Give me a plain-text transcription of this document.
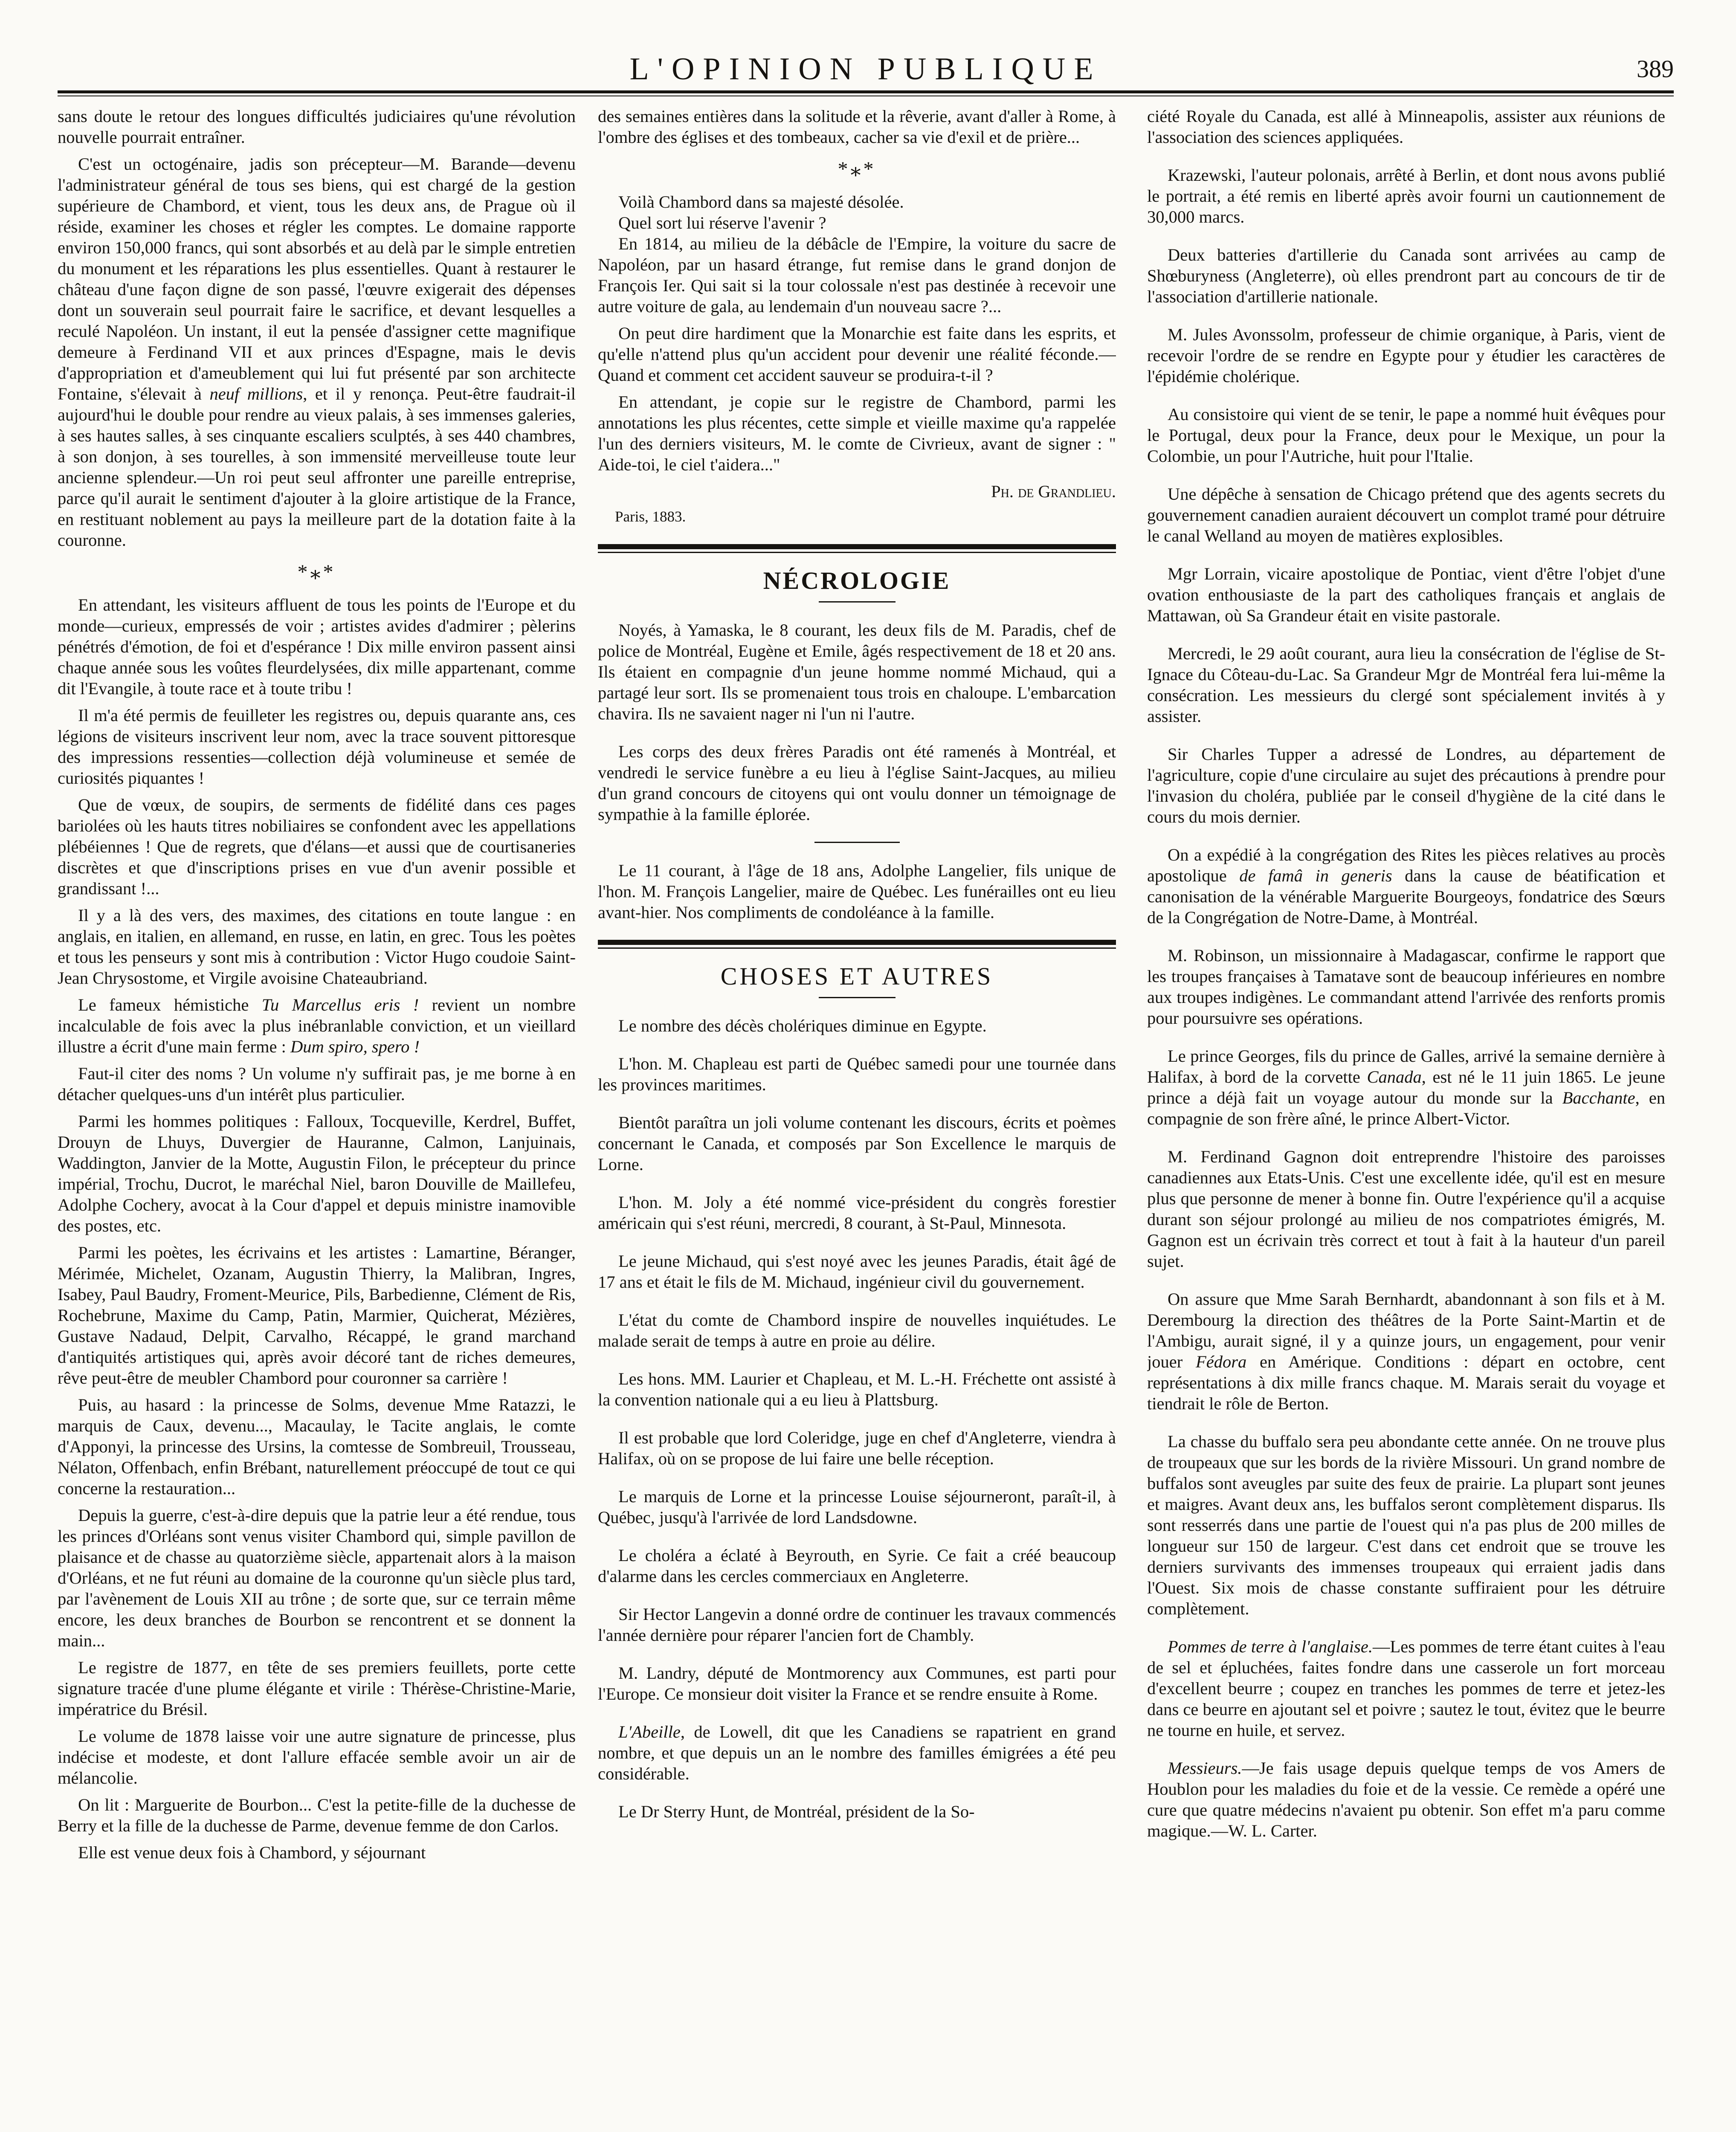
L'OPINION PUBLIQUE	389

sans doute le retour des longues difficultés judiciaires qu'une révolution nouvelle pourrait entraîner.

C'est un octogénaire, jadis son précepteur—M. Barande—devenu l'administrateur général de tous ses biens, qui est chargé de la gestion supérieure de Chambord, et vient, tous les deux ans, de Prague où il réside, examiner les choses et régler les comptes. Le domaine rapporte environ 150,000 francs, qui sont absorbés et au delà par le simple entretien du monument et les réparations les plus essentielles. Quant à restaurer le château d'une façon digne de son passé, l'œuvre exigerait des dépenses dont un souverain seul pourrait faire le sacrifice, et devant lesquelles a reculé Napoléon. Un instant, il eut la pensée d'assigner cette magnifique demeure à Ferdinand VII et aux princes d'Espagne, mais le devis d'appropriation et d'ameublement qui lui fut présenté par son architecte Fontaine, s'élevait à neuf millions, et il y renonça. Peut-être faudrait-il aujourd'hui le double pour rendre au vieux palais, à ses immenses galeries, à ses hautes salles, à ses cinquante escaliers sculptés, à ses 440 chambres, à son donjon, à ses tourelles, à son immensité merveilleuse toute leur ancienne splendeur.—Un roi peut seul affronter une pareille entreprise, parce qu'il aurait le sentiment d'ajouter à la gloire artistique de la France, en restituant noblement au pays la meilleure part de la dotation faite à la couronne.

*⁎*

En attendant, les visiteurs affluent de tous les points de l'Europe et du monde—curieux, empressés de voir ; artistes avides d'admirer ; pèlerins pénétrés d'émotion, de foi et d'espérance ! Dix mille environ passent ainsi chaque année sous les voûtes fleurdelysées, dix mille appartenant, comme dit l'Evangile, à toute race et à toute tribu !

Il m'a été permis de feuilleter les registres ou, depuis quarante ans, ces légions de visiteurs inscrivent leur nom, avec la trace souvent pittoresque des impressions ressenties—collection déjà volumineuse et semée de curiosités piquantes !

Que de vœux, de soupirs, de serments de fidélité dans ces pages bariolées où les hauts titres nobiliaires se confondent avec les appellations plébéiennes ! Que de regrets, que d'élans—et aussi que de courtisaneries discrètes et que d'inscriptions prises en vue d'un avenir possible et grandissant !...

Il y a là des vers, des maximes, des citations en toute langue : en anglais, en italien, en allemand, en russe, en latin, en grec. Tous les poètes et tous les penseurs y sont mis à contribution : Victor Hugo coudoie Saint-Jean Chrysostome, et Virgile avoisine Chateaubriand.

Le fameux hémistiche Tu Marcellus eris ! revient un nombre incalculable de fois avec la plus inébranlable conviction, et un vieillard illustre a écrit d'une main ferme : Dum spiro, spero !

Faut-il citer des noms ? Un volume n'y suffirait pas, je me borne à en détacher quelques-uns d'un intérêt plus particulier.

Parmi les hommes politiques : Falloux, Tocqueville, Kerdrel, Buffet, Drouyn de Lhuys, Duvergier de Hauranne, Calmon, Lanjuinais, Waddington, Janvier de la Motte, Augustin Filon, le précepteur du prince impérial, Trochu, Ducrot, le maréchal Niel, baron Douville de Maillefeu, Adolphe Cochery, avocat à la Cour d'appel et depuis ministre inamovible des postes, etc.

Parmi les poètes, les écrivains et les artistes : Lamartine, Béranger, Mérimée, Michelet, Ozanam, Augustin Thierry, la Malibran, Ingres, Isabey, Paul Baudry, Froment-Meurice, Pils, Barbedienne, Clément de Ris, Rochebrune, Maxime du Camp, Patin, Marmier, Quicherat, Mézières, Gustave Nadaud, Delpit, Carvalho, Récappé, le grand marchand d'antiquités artistiques qui, après avoir décoré tant de riches demeures, rêve peut-être de meubler Chambord pour couronner sa carrière !

Puis, au hasard : la princesse de Solms, devenue Mme Ratazzi, le marquis de Caux, devenu..., Macaulay, le Tacite anglais, le comte d'Apponyi, la princesse des Ursins, la comtesse de Sombreuil, Trousseau, Nélaton, Offenbach, enfin Brébant, naturellement préoccupé de tout ce qui concerne la restauration...

Depuis la guerre, c'est-à-dire depuis que la patrie leur a été rendue, tous les princes d'Orléans sont venus visiter Chambord qui, simple pavillon de plaisance et de chasse au quatorzième siècle, appartenait alors à la maison d'Orléans, et ne fut réuni au domaine de la couronne qu'un siècle plus tard, par l'avènement de Louis XII au trône ; de sorte que, sur ce terrain même encore, les deux branches de Bourbon se rencontrent et se donnent la main...

Le registre de 1877, en tête de ses premiers feuillets, porte cette signature tracée d'une plume élégante et virile : Thérèse-Christine-Marie, impératrice du Brésil.

Le volume de 1878 laisse voir une autre signature de princesse, plus indécise et modeste, et dont l'allure effacée semble avoir un air de mélancolie.

On lit : Marguerite de Bourbon... C'est la petite-fille de la duchesse de Berry et la fille de la duchesse de Parme, devenue femme de don Carlos.

Elle est venue deux fois à Chambord, y séjournant

des semaines entières dans la solitude et la rêverie, avant d'aller à Rome, à l'ombre des églises et des tombeaux, cacher sa vie d'exil et de prière...

*⁎*

Voilà Chambord dans sa majesté désolée.

Quel sort lui réserve l'avenir ?

En 1814, au milieu de la débâcle de l'Empire, la voiture du sacre de Napoléon, par un hasard étrange, fut remise dans le grand donjon de François Ier. Qui sait si la tour colossale n'est pas destinée à recevoir une autre voiture de gala, au lendemain d'un nouveau sacre ?...

On peut dire hardiment que la Monarchie est faite dans les esprits, et qu'elle n'attend plus qu'un accident pour devenir une réalité féconde.—Quand et comment cet accident sauveur se produira-t-il ?

En attendant, je copie sur le registre de Chambord, parmi les annotations les plus récentes, cette simple et vieille maxime qu'a rappelée l'un des derniers visiteurs, M. le comte de Civrieux, avant de signer : " Aide-toi, le ciel t'aidera..."

Ph. de Grandlieu.
Paris, 1883.
NÉCROLOGIE

Noyés, à Yamaska, le 8 courant, les deux fils de M. Paradis, chef de police de Montréal, Eugène et Emile, âgés respectivement de 18 et 20 ans. Ils étaient en compagnie d'un jeune homme nommé Michaud, qui a partagé leur sort. Ils se promenaient tous trois en chaloupe. L'embarcation chavira. Ils ne savaient nager ni l'un ni l'autre.

Les corps des deux frères Paradis ont été ramenés à Montréal, et vendredi le service funèbre a eu lieu à l'église Saint-Jacques, au milieu d'un grand concours de citoyens qui ont voulu donner un témoignage de sympathie à la famille éplorée.

Le 11 courant, à l'âge de 18 ans, Adolphe Langelier, fils unique de l'hon. M. François Langelier, maire de Québec. Les funérailles ont eu lieu avant-hier. Nos compliments de condoléance à la famille.

CHOSES ET AUTRES

Le nombre des décès cholériques diminue en Egypte.

L'hon. M. Chapleau est parti de Québec samedi pour une tournée dans les provinces maritimes.

Bientôt paraîtra un joli volume contenant les discours, écrits et poèmes concernant le Canada, et composés par Son Excellence le marquis de Lorne.

L'hon. M. Joly a été nommé vice-président du congrès forestier américain qui s'est réuni, mercredi, 8 courant, à St-Paul, Minnesota.

Le jeune Michaud, qui s'est noyé avec les jeunes Paradis, était âgé de 17 ans et était le fils de M. Michaud, ingénieur civil du gouvernement.

L'état du comte de Chambord inspire de nouvelles inquiétudes. Le malade serait de temps à autre en proie au délire.

Les hons. MM. Laurier et Chapleau, et M. L.-H. Fréchette ont assisté à la convention nationale qui a eu lieu à Plattsburg.

Il est probable que lord Coleridge, juge en chef d'Angleterre, viendra à Halifax, où on se propose de lui faire une belle réception.

Le marquis de Lorne et la princesse Louise séjourneront, paraît-il, à Québec, jusqu'à l'arrivée de lord Landsdowne.

Le choléra a éclaté à Beyrouth, en Syrie. Ce fait a créé beaucoup d'alarme dans les cercles commerciaux en Angleterre.

Sir Hector Langevin a donné ordre de continuer les travaux commencés l'année dernière pour réparer l'ancien fort de Chambly.

M. Landry, député de Montmorency aux Communes, est parti pour l'Europe. Ce monsieur doit visiter la France et se rendre ensuite à Rome.

L'Abeille, de Lowell, dit que les Canadiens se rapatrient en grand nombre, et que depuis un an le nombre des familles émigrées a été peu considérable.

Le Dr Sterry Hunt, de Montréal, président de la So-

ciété Royale du Canada, est allé à Minneapolis, assister aux réunions de l'association des sciences appliquées.

Krazewski, l'auteur polonais, arrêté à Berlin, et dont nous avons publié le portrait, a été remis en liberté après avoir fourni un cautionnement de 30,000 marcs.

Deux batteries d'artillerie du Canada sont arrivées au camp de Shœburyness (Angleterre), où elles prendront part au concours de tir de l'association d'artillerie nationale.

M. Jules Avonssolm, professeur de chimie organique, à Paris, vient de recevoir l'ordre de se rendre en Egypte pour y étudier les caractères de l'épidémie cholérique.

Au consistoire qui vient de se tenir, le pape a nommé huit évêques pour le Portugal, deux pour la France, deux pour le Mexique, un pour la Colombie, un pour l'Autriche, huit pour l'Italie.

Une dépêche à sensation de Chicago prétend que des agents secrets du gouvernement canadien auraient découvert un complot tramé pour détruire le canal Welland au moyen de matières explosibles.

Mgr Lorrain, vicaire apostolique de Pontiac, vient d'être l'objet d'une ovation enthousiaste de la part des catholiques français et anglais de Mattawan, où Sa Grandeur était en visite pastorale.

Mercredi, le 29 août courant, aura lieu la consécration de l'église de St-Ignace du Côteau-du-Lac. Sa Grandeur Mgr de Montréal fera lui-même la consécration. Les messieurs du clergé sont spécialement invités à y assister.

Sir Charles Tupper a adressé de Londres, au département de l'agriculture, copie d'une circulaire au sujet des précautions à prendre pour l'invasion du choléra, publiée par le conseil d'hygiène de la cité dans le cours du mois dernier.

On a expédié à la congrégation des Rites les pièces relatives au procès apostolique de famâ in generis dans la cause de béatification et canonisation de la vénérable Marguerite Bourgeoys, fondatrice des Sœurs de la Congrégation de Notre-Dame, à Montréal.

M. Robinson, un missionnaire à Madagascar, confirme le rapport que les troupes françaises à Tamatave sont de beaucoup inférieures en nombre aux troupes indigènes. Le commandant attend l'arrivée des renforts promis pour poursuivre ses opérations.

Le prince Georges, fils du prince de Galles, arrivé la semaine dernière à Halifax, à bord de la corvette Canada, est né le 11 juin 1865. Le jeune prince a déjà fait un voyage autour du monde sur la Bacchante, en compagnie de son frère aîné, le prince Albert-Victor.

M. Ferdinand Gagnon doit entreprendre l'histoire des paroisses canadiennes aux Etats-Unis. C'est une excellente idée, qu'il est en mesure plus que personne de mener à bonne fin. Outre l'expérience qu'il a acquise durant son séjour prolongé au milieu de nos compatriotes émigrés, M. Gagnon est un écrivain très correct et tout à fait à la hauteur d'un pareil sujet.

On assure que Mme Sarah Bernhardt, abandonnant à son fils et à M. Derembourg la direction des théâtres de la Porte Saint-Martin et de l'Ambigu, aurait signé, il y a quinze jours, un engagement, pour venir jouer Fédora en Amérique. Conditions : départ en octobre, cent représentations à dix mille francs chaque. M. Marais serait du voyage et tiendrait le rôle de Berton.

La chasse du buffalo sera peu abondante cette année. On ne trouve plus de troupeaux que sur les bords de la rivière Missouri. Un grand nombre de buffalos sont aveugles par suite des feux de prairie. La plupart sont jeunes et maigres. Avant deux ans, les buffalos seront complètement disparus. Ils sont resserrés dans une partie de l'ouest qui n'a pas plus de 200 milles de longueur sur 150 de largeur. C'est dans cet endroit que se trouve les derniers survivants des immenses troupeaux qui erraient jadis dans l'Ouest. Six mois de chasse constante suffiraient pour les détruire complètement.

Pommes de terre à l'anglaise.—Les pommes de terre étant cuites à l'eau de sel et épluchées, faites fondre dans une casserole un fort morceau d'excellent beurre ; coupez en tranches les pommes de terre et jetez-les dans ce beurre en ajoutant sel et poivre ; sautez le tout, évitez que le beurre ne tourne en huile, et servez.

Messieurs.—Je fais usage depuis quelque temps de vos Amers de Houblon pour les maladies du foie et de la vessie. Ce remède a opéré une cure que quatre médecins n'avaient pu obtenir. Son effet m'a paru comme magique.—W. L. Carter.
